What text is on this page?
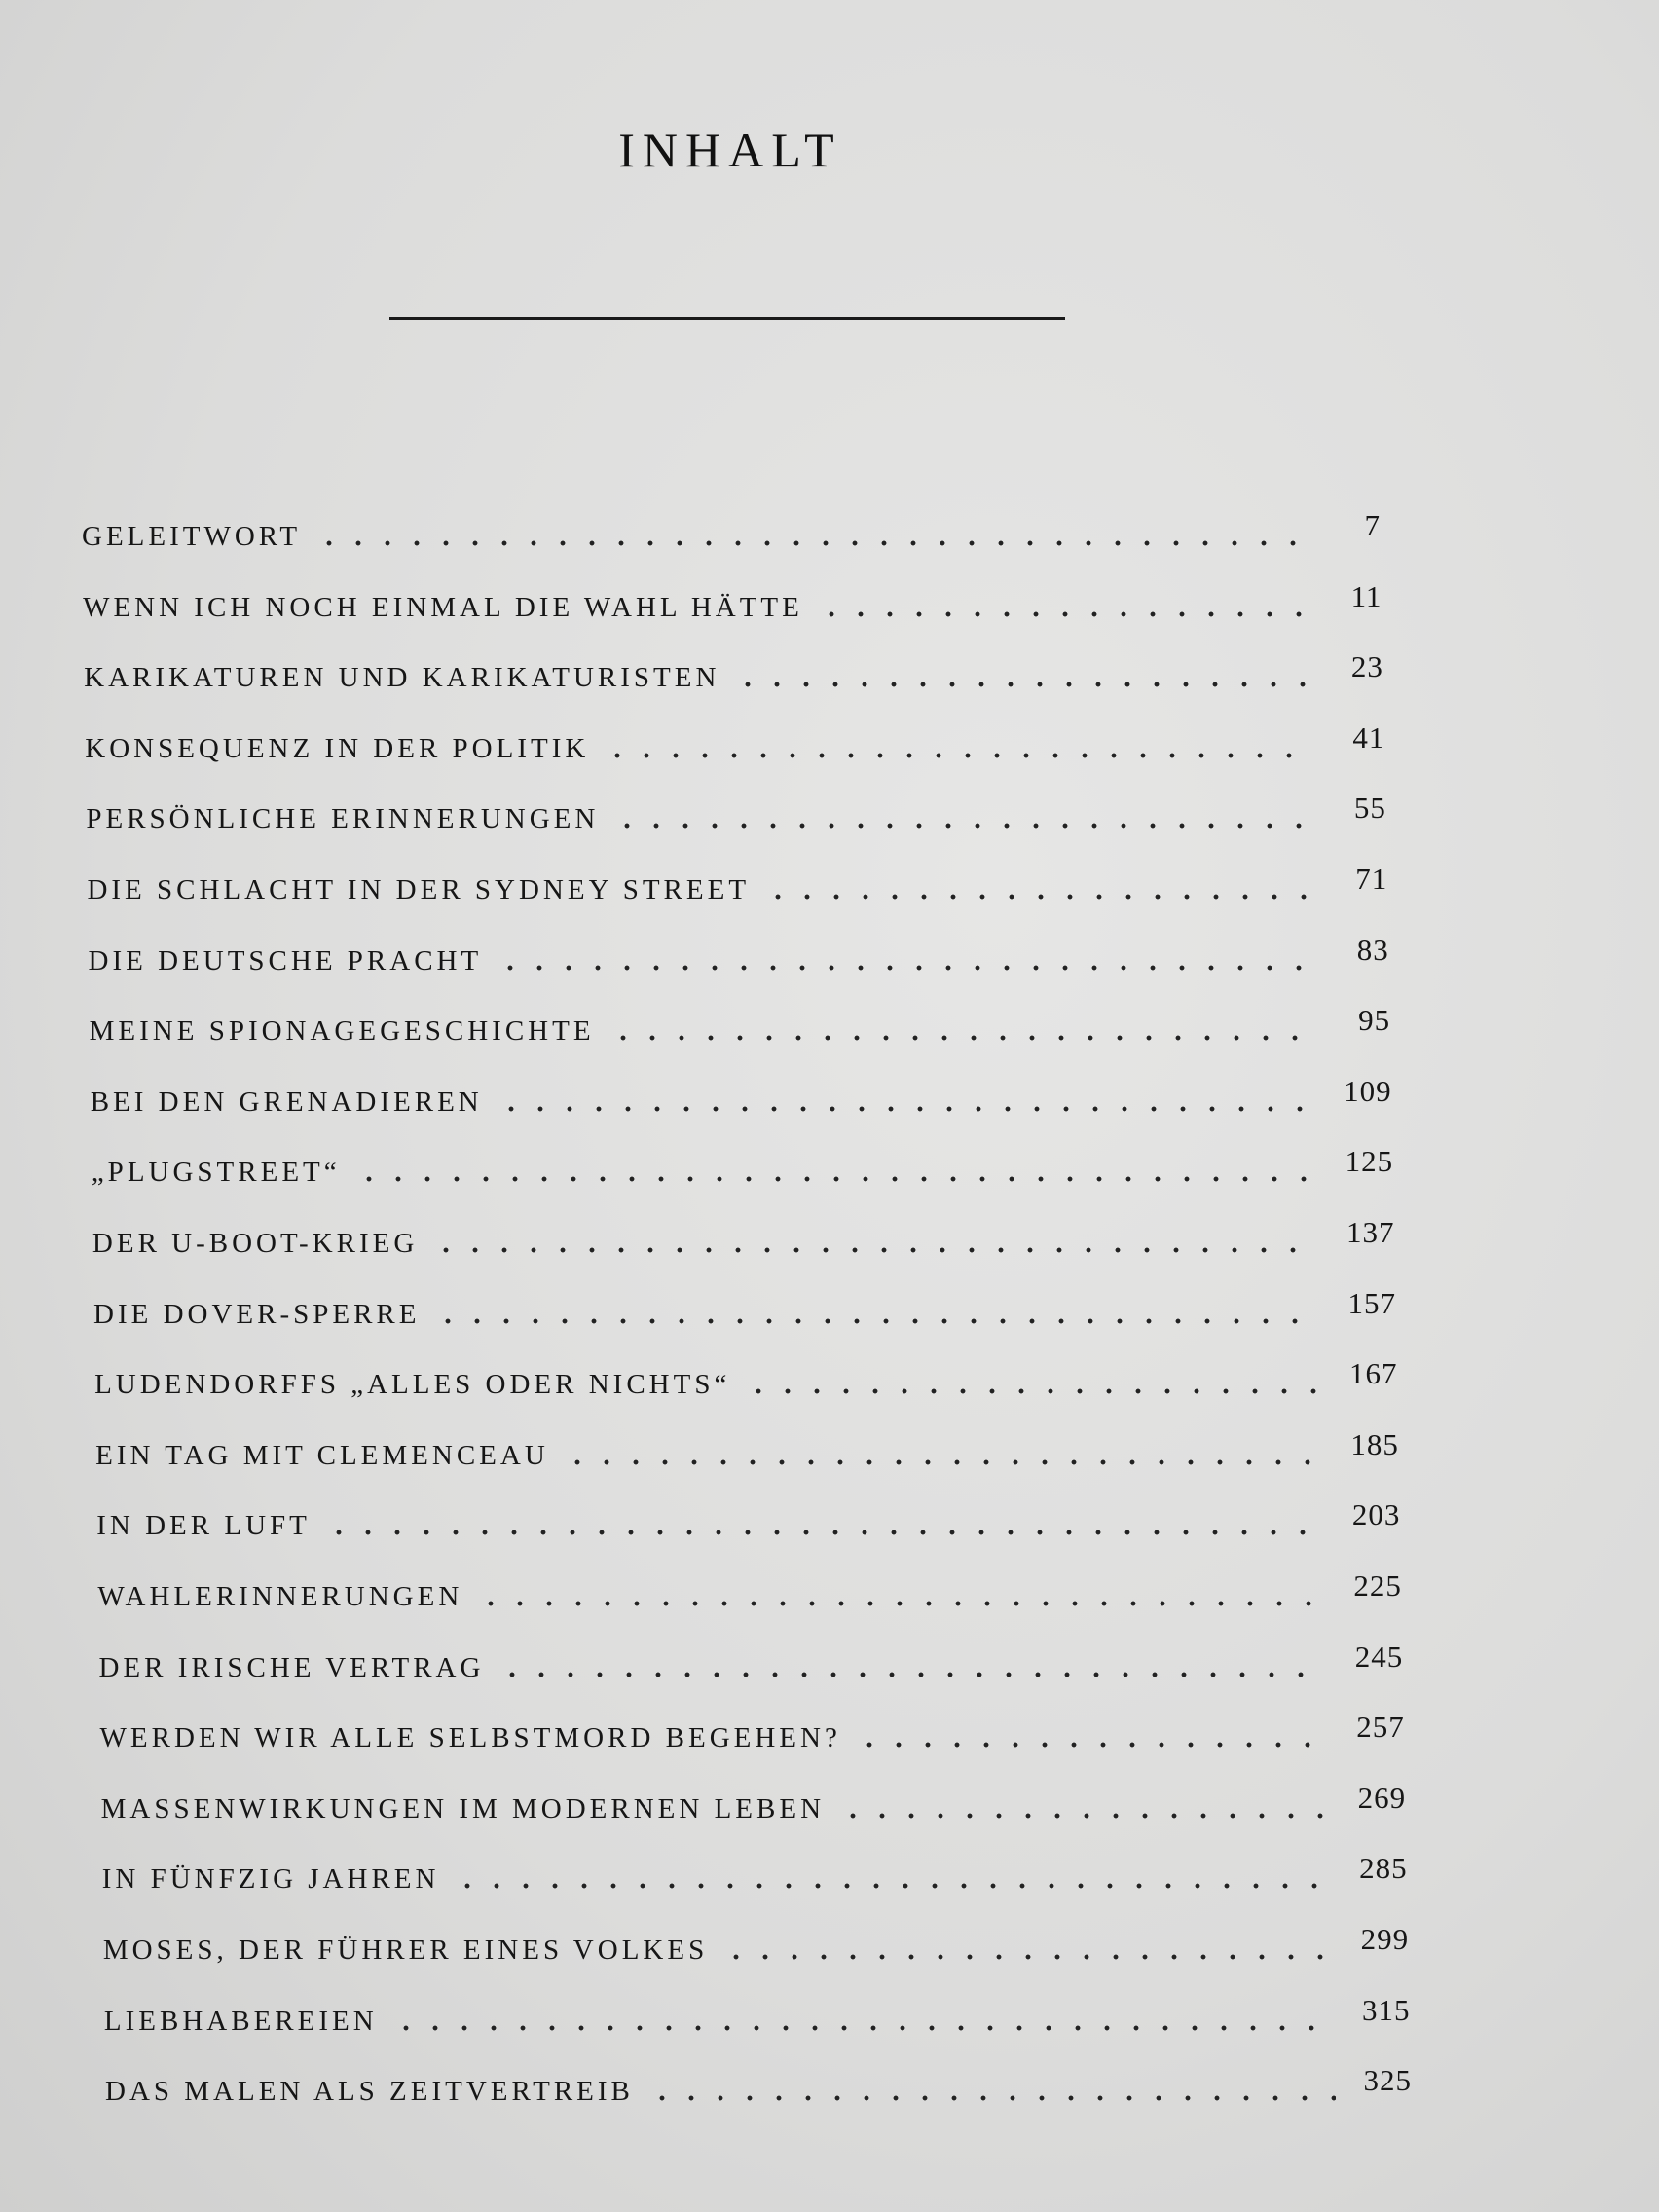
INHALT
GELEITWORT	7
WENN ICH NOCH EINMAL DIE WAHL HÄTTE	11
KARIKATUREN UND KARIKATURISTEN	23
KONSEQUENZ IN DER POLITIK	41
PERSÖNLICHE ERINNERUNGEN	55
DIE SCHLACHT IN DER SYDNEY STREET	71
DIE DEUTSCHE PRACHT	83
MEINE SPIONAGEGESCHICHTE	95
BEI DEN GRENADIEREN	109
„PLUGSTREET“	125
DER U-BOOT-KRIEG	137
DIE DOVER-SPERRE	157
LUDENDORFFS „ALLES ODER NICHTS“	167
EIN TAG MIT CLEMENCEAU	185
IN DER LUFT	203
WAHLERINNERUNGEN	225
DER IRISCHE VERTRAG	245
WERDEN WIR ALLE SELBSTMORD BEGEHEN?	257
MASSENWIRKUNGEN IM MODERNEN LEBEN	269
IN FÜNFZIG JAHREN	285
MOSES, DER FÜHRER EINES VOLKES	299
LIEBHABEREIEN	315
DAS MALEN ALS ZEITVERTREIB	325
